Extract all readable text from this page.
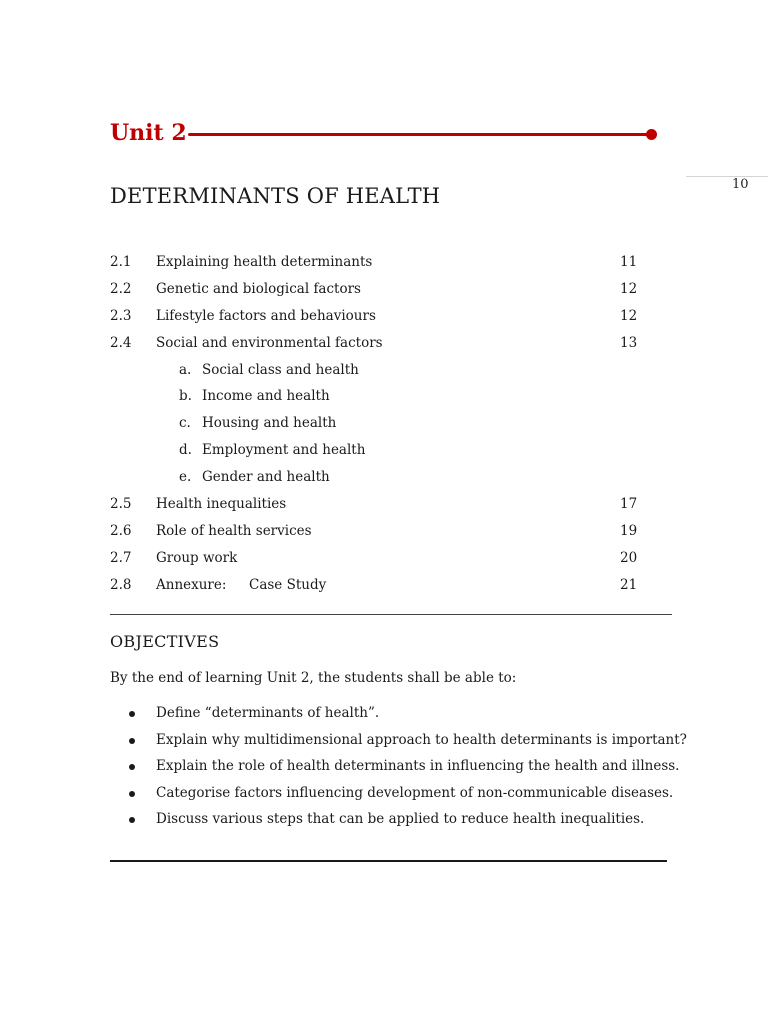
Unit 2
10
DETERMINANTS OF HEALTH
2.1 Explaining health determinants	11
2.2 Genetic and biological factors	12
2.3 Lifestyle factors and behaviours	12
2.4 Social and environmental factors	13
a. Social class and health
b. Income and health
c. Housing and health
d. Employment and health
e. Gender and health
2.5 Health inequalities	17
2.6 Role of health services	19
2.7 Group work	20
2.8 Annexure: Case Study	21
OBJECTIVES
By the end of learning Unit 2, the students shall be able to:
Define “determinants of health”.
Explain why multidimensional approach to health determinants is important?
Explain the role of health determinants in influencing the health and illness.
Categorise factors influencing development of non-communicable diseases.
Discuss various steps that can be applied to reduce health inequalities.
